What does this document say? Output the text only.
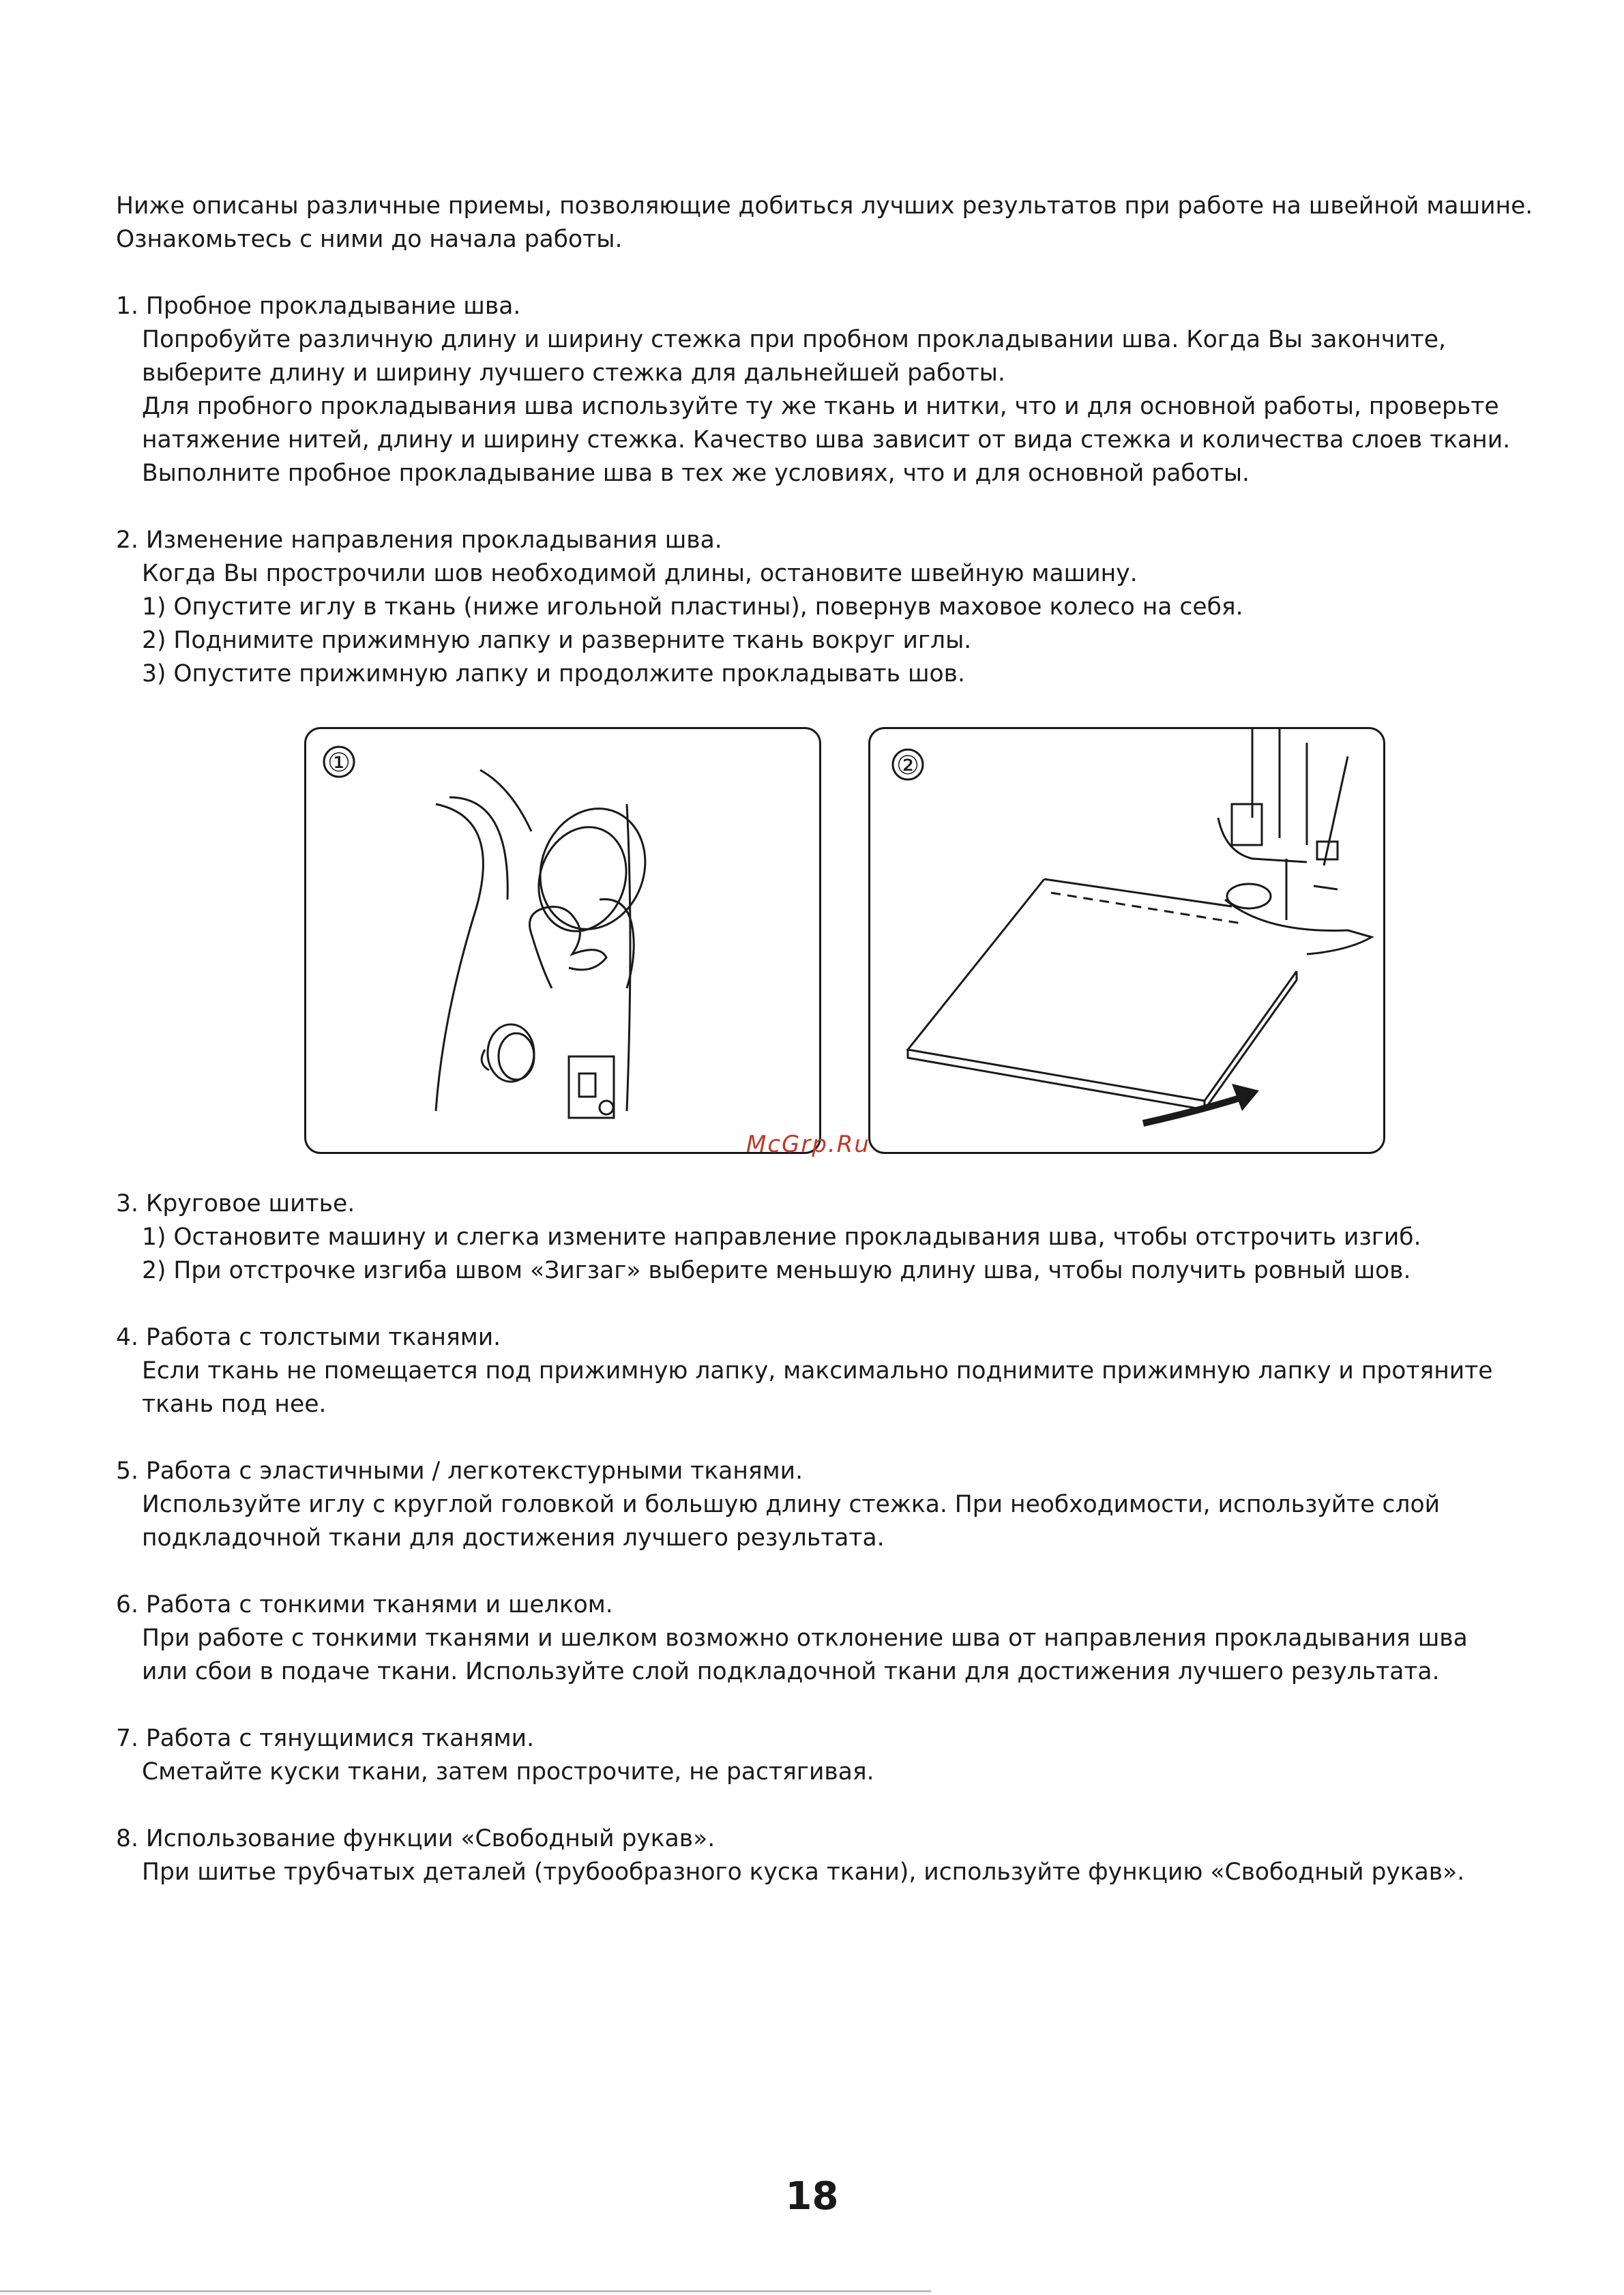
Ниже описаны различные приемы, позволяющие добиться лучших результатов при работе на швейной машине.
Ознакомьтесь с ними до начала работы.
1. Пробное прокладывание шва.
Попробуйте различную длину и ширину стежка при пробном прокладывании шва. Когда Вы закончите,
выберите длину и ширину лучшего стежка для дальнейшей работы.
Для пробного прокладывания шва используйте ту же ткань и нитки, что и для основной работы, проверьте
натяжение нитей, длину и ширину стежка. Качество шва зависит от вида стежка и количества слоев ткани.
Выполните пробное прокладывание шва в тех же условиях, что и для основной работы.
2. Изменение направления прокладывания шва.
Когда Вы прострочили шов необходимой длины, остановите швейную машину.
1) Опустите иглу в ткань (ниже игольной пластины), повернув маховое колесо на себя.
2) Поднимите прижимную лапку и разверните ткань вокруг иглы.
3) Опустите прижимную лапку и продолжите прокладывать шов.
①	②
McGrp.Ru
3. Круговое шитье.
1) Остановите машину и слегка измените направление прокладывания шва, чтобы отстрочить изгиб.
2) При отстрочке изгиба швом «Зигзаг» выберите меньшую длину шва, чтобы получить ровный шов.
4. Работа с толстыми тканями.
Если ткань не помещается под прижимную лапку, максимально поднимите прижимную лапку и протяните
ткань под нее.
5. Работа с эластичными / легкотекстурными тканями.
Используйте иглу с круглой головкой и большую длину стежка. При необходимости, используйте слой
подкладочной ткани для достижения лучшего результата.
6. Работа с тонкими тканями и шелком.
При работе с тонкими тканями и шелком возможно отклонение шва от направления прокладывания шва
или сбои в подаче ткани. Используйте слой подкладочной ткани для достижения лучшего результата.
7. Работа с тянущимися тканями.
Сметайте куски ткани, затем прострочите, не растягивая.
8. Использование функции «Свободный рукав».
При шитье трубчатых деталей (трубообразного куска ткани), используйте функцию «Свободный рукав».
18
